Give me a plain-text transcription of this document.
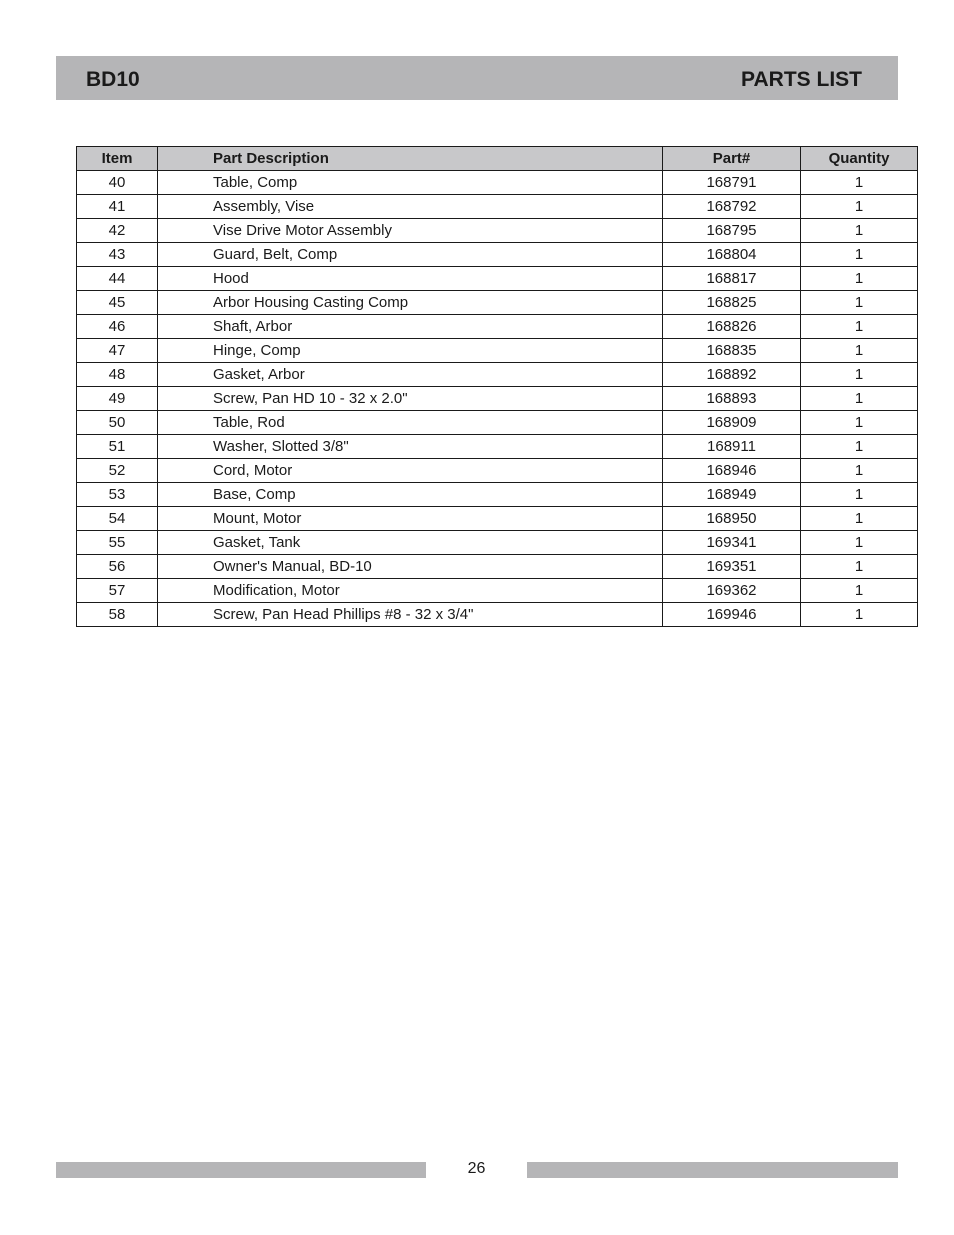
BD10	PARTS LIST
Item	Part Description	Part#	Quantity
40	Table, Comp	168791	1
41	Assembly, Vise	168792	1
42	Vise Drive Motor Assembly	168795	1
43	Guard, Belt, Comp	168804	1
44	Hood	168817	1
45	Arbor Housing Casting Comp	168825	1
46	Shaft, Arbor	168826	1
47	Hinge, Comp	168835	1
48	Gasket, Arbor	168892	1
49	Screw, Pan HD 10 - 32 x 2.0"	168893	1
50	Table, Rod	168909	1
51	Washer, Slotted 3/8"	168911	1
52	Cord, Motor	168946	1
53	Base, Comp	168949	1
54	Mount, Motor	168950	1
55	Gasket, Tank	169341	1
56	Owner's Manual, BD-10	169351	1
57	Modification, Motor	169362	1
58	Screw, Pan Head Phillips #8 - 32 x 3/4"	169946	1
26
